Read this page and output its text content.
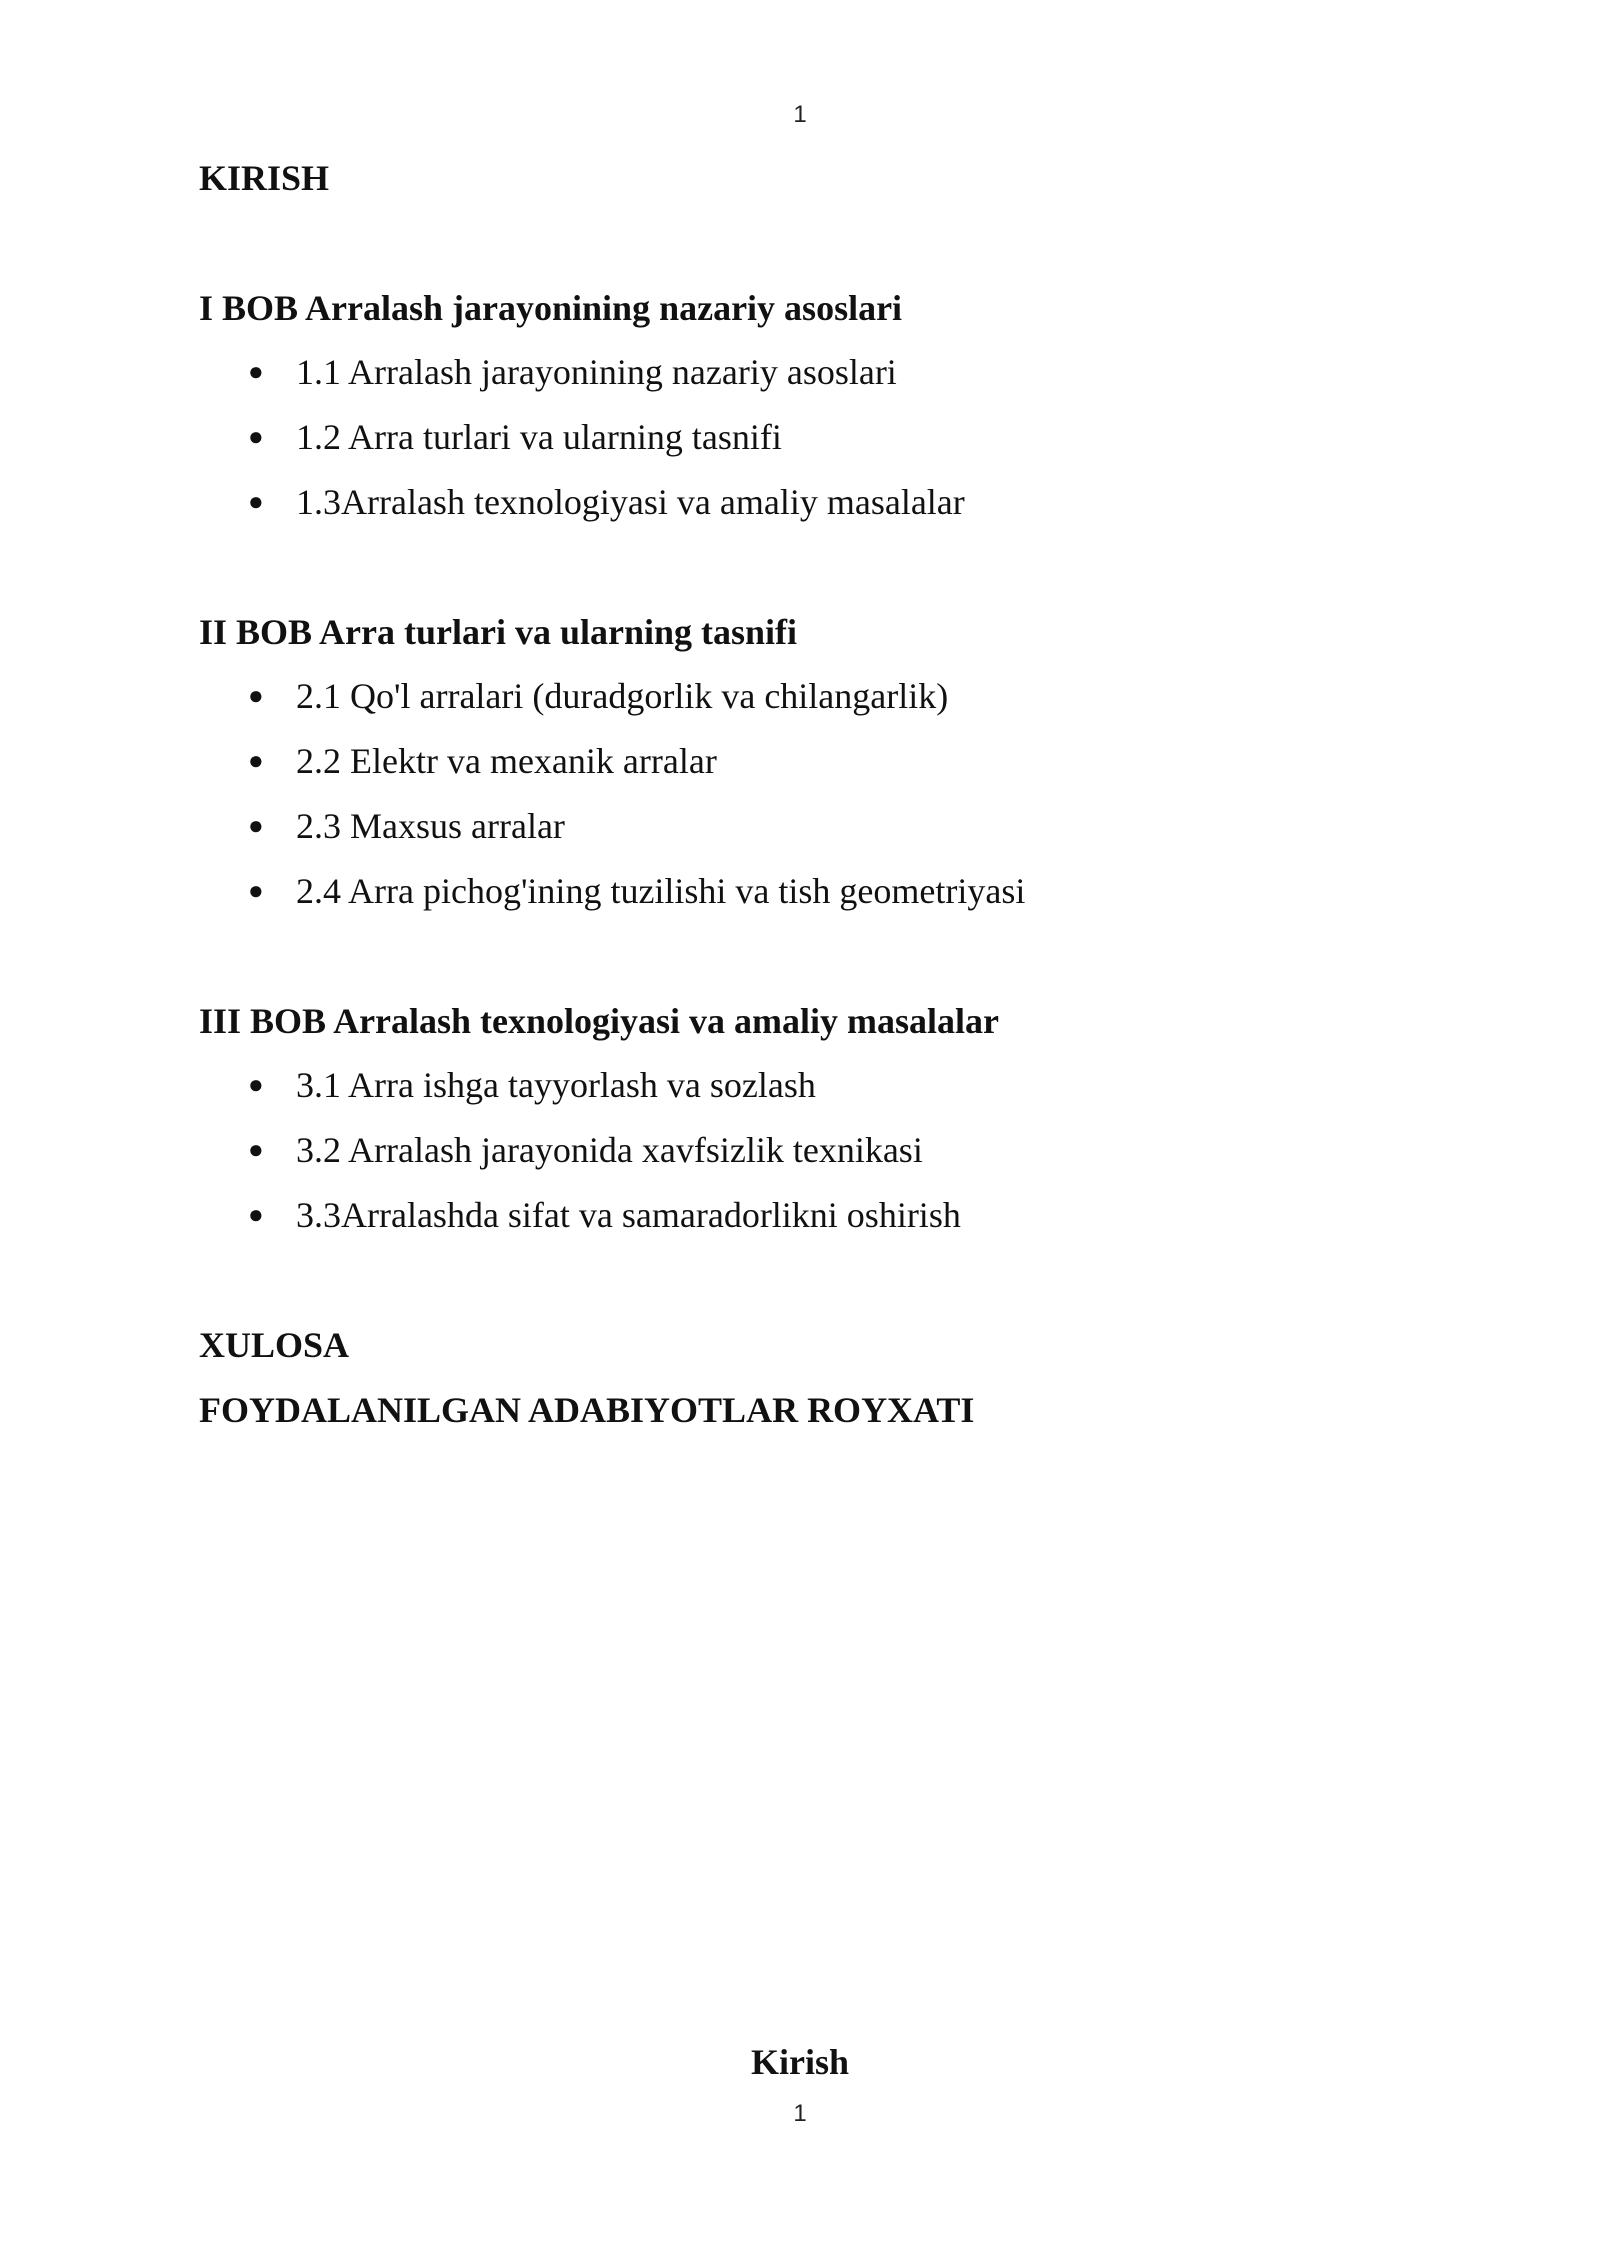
1
KIRISH
I BOB Arralash jarayonining nazariy asoslari
● 1.1 Arralash jarayonining nazariy asoslari
● 1.2 Arra turlari va ularning tasnifi
● 1.3Arralash texnologiyasi va amaliy masalalar
II BOB Arra turlari va ularning tasnifi
● 2.1 Qo'l arralari (duradgorlik va chilangarlik)
● 2.2 Elektr va mexanik arralar
● 2.3 Maxsus arralar
● 2.4 Arra pichog'ining tuzilishi va tish geometriyasi
III BOB Arralash texnologiyasi va amaliy masalalar
● 3.1 Arra ishga tayyorlash va sozlash
● 3.2 Arralash jarayonida xavfsizlik texnikasi
● 3.3Arralashda sifat va samaradorlikni oshirish
XULOSA
FOYDALANILGAN ADABIYOTLAR ROYXATI
Kirish
1
